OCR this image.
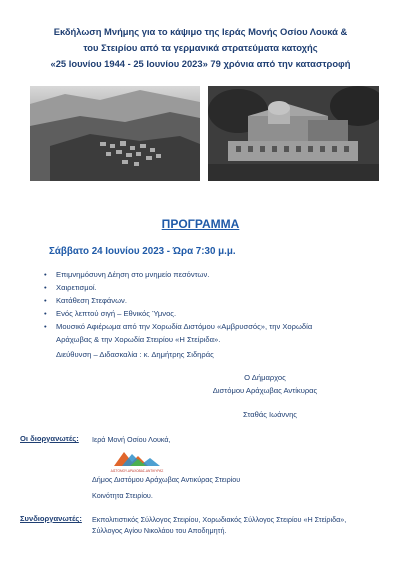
Εκδήλωση Μνήμης για το κάψιμο της Ιεράς Μονής Οσίου Λουκά &
του Στειρίου από τα γερμανικά στρατεύματα κατοχής
«25 Ιουνίου 1944 - 25 Ιουνίου 2023» 79 χρόνια από την καταστροφή
ΠΡΟΓΡΑΜΜΑ
Σάββατο 24 Ιουνίου 2023 - Ώρα 7:30 μ.μ.
• Επιμνημόσυνη Δέηση στο μνημείο πεσόντων.
• Χαιρετισμοί.
• Κατάθεση Στεφάνων.
• Ενός λεπτού σιγή – Εθνικός Ύμνος.
• Μουσικό Αφιέρωμα από την Χορωδία Διστόμου «Αμβρυσσός», την Χορωδία
Αράχωβας & την Χορωδία Στειρίου «Η Στείριδα».
Διεύθυνση – Διδασκαλία : κ. Δημήτρης Σιδηράς
Ο Δήμαρχος
Διστόμου Αράχωβας Αντίκυρας
Σταθάς Ιωάννης
Οι διοργανωτές: Ιερά Μονή Οσίου Λουκά,
ΔΙΣΤΟΜΟΥ-ΑΡΑΧΩΒΑΣ-ΑΝΤΙΚΥΡΑΣ
Δήμος Διστόμου Αράχωβας Αντικύρας Στειρίου
Κοινότητα Στειρίου.
Συνδιοργανωτές: Εκπολιτιστικός Σύλλογος Στειρίου, Χορωδιακός Σύλλογος Στειρίου «Η Στείριδα»,
Σύλλογος Αγίου Νικολάου του Αποδημητή.
